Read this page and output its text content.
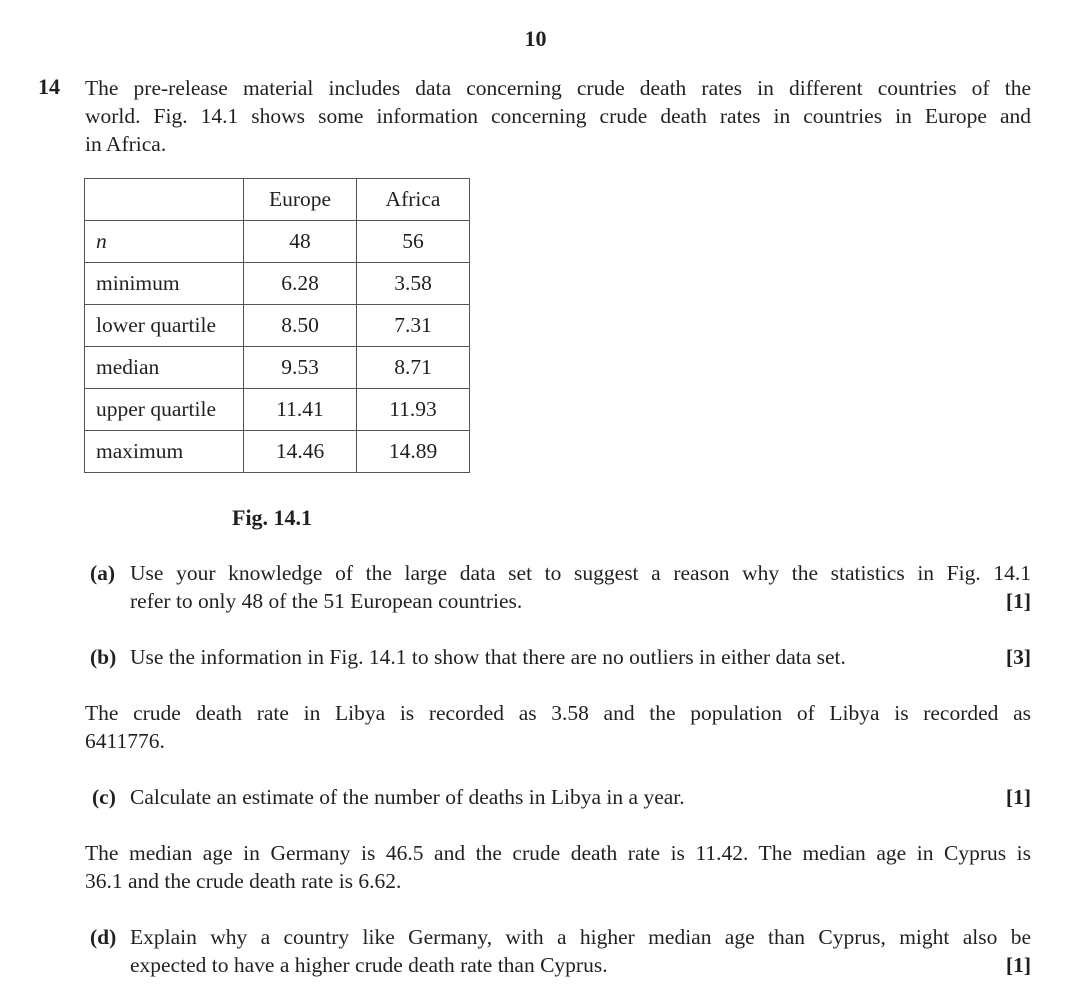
10
14 The pre-release material includes data concerning crude death rates in different countries of the
world. Fig. 14.1 shows some information concerning crude death rates in countries in Europe and
in Africa.
	Europe	Africa
n	48	56
minimum	6.28	3.58
lower quartile	8.50	7.31
median	9.53	8.71
upper quartile	11.41	11.93
maximum	14.46	14.89
Fig. 14.1
(a) Use your knowledge of the large data set to suggest a reason why the statistics in Fig. 14.1
refer to only 48 of the 51 European countries.	[1]
(b) Use the information in Fig. 14.1 to show that there are no outliers in either data set.	[3]
The crude death rate in Libya is recorded as 3.58 and the population of Libya is recorded as
6411776.
(c) Calculate an estimate of the number of deaths in Libya in a year.	[1]
The median age in Germany is 46.5 and the crude death rate is 11.42. The median age in Cyprus is
36.1 and the crude death rate is 6.62.
(d) Explain why a country like Germany, with a higher median age than Cyprus, might also be
expected to have a higher crude death rate than Cyprus.	[1]
